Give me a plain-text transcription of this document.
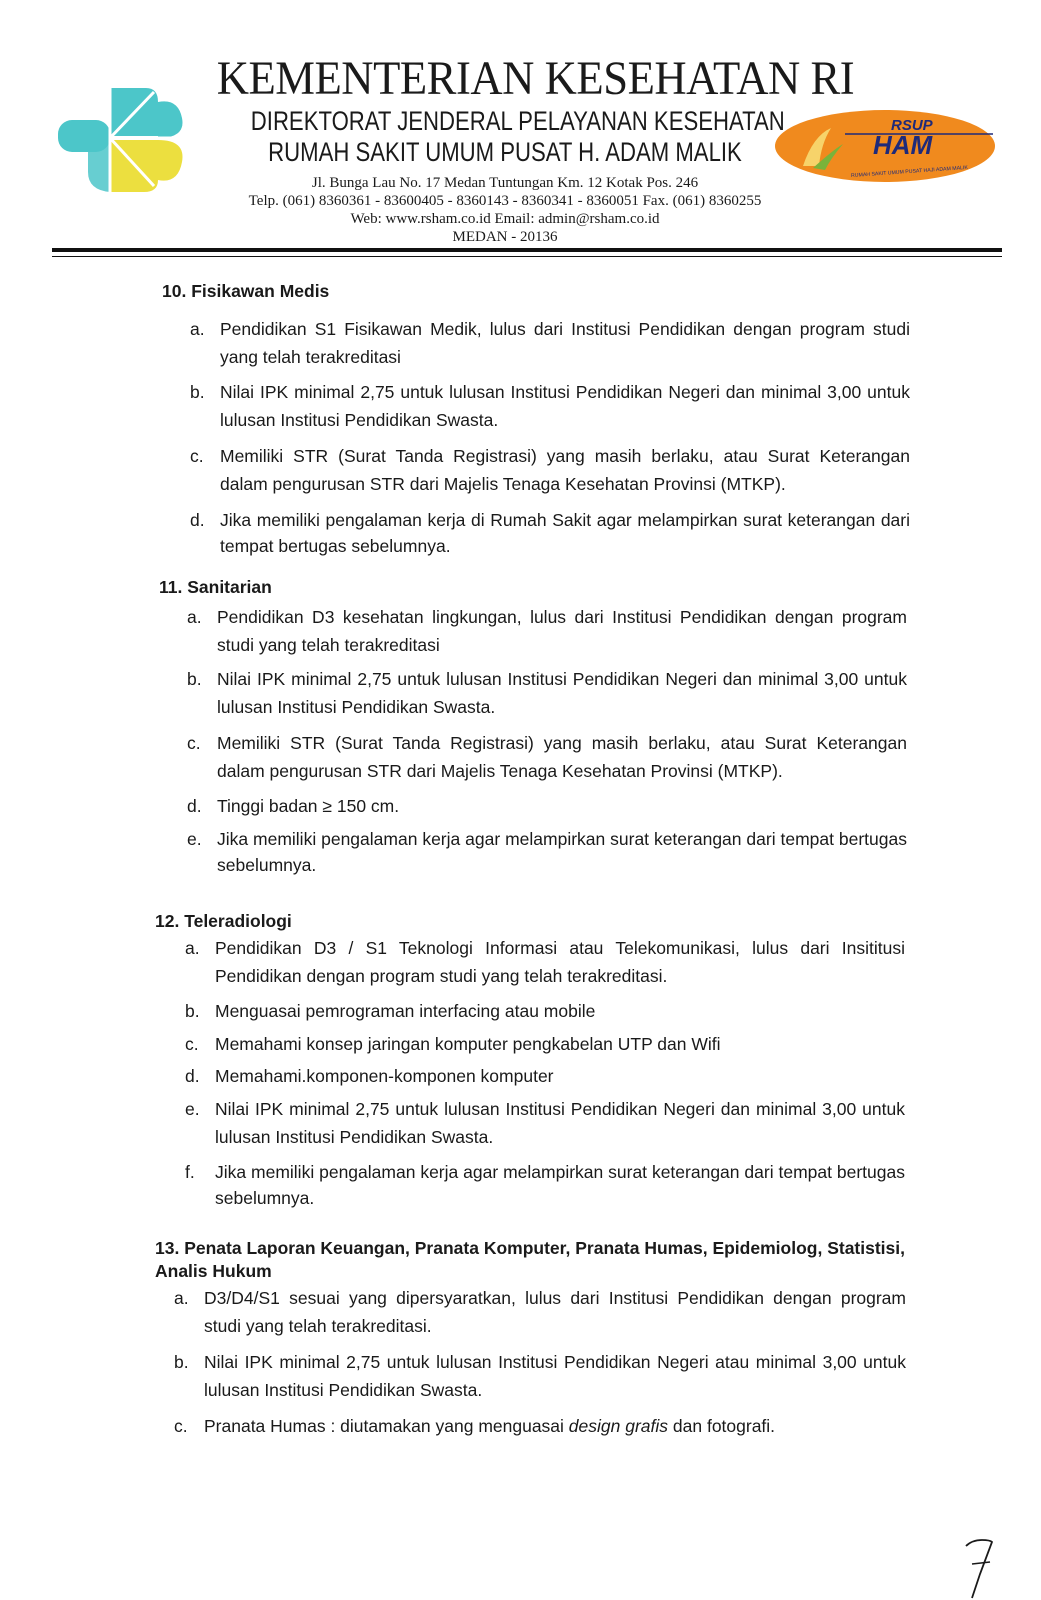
KEMENTERIAN KESEHATAN RI
DIREKTORAT JENDERAL PELAYANAN KESEHATAN
RUMAH SAKIT UMUM PUSAT H. ADAM MALIK
Jl. Bunga Lau No. 17 Medan Tuntungan Km. 12 Kotak Pos. 246
Telp. (061) 8360361 - 83600405 - 8360143 - 8360341 - 8360051 Fax. (061) 8360255
Web: www.rsham.co.id Email: admin@rsham.co.id
MEDAN - 20136
RSUP
HAM
RUMAH SAKIT UMUM PUSAT HAJI ADAM MALIK
10. Fisikawan Medis
a. Pendidikan S1 Fisikawan Medik, lulus dari Institusi Pendidikan dengan program studi yang telah terakreditasi
b. Nilai IPK minimal 2,75 untuk lulusan Institusi Pendidikan Negeri dan minimal 3,00 untuk lulusan Institusi Pendidikan Swasta.
c. Memiliki STR (Surat Tanda Registrasi) yang masih berlaku, atau Surat Keterangan dalam pengurusan STR dari Majelis Tenaga Kesehatan Provinsi (MTKP).
d. Jika memiliki pengalaman kerja di Rumah Sakit agar melampirkan surat keterangan dari tempat bertugas sebelumnya.
11. Sanitarian
a. Pendidikan D3 kesehatan lingkungan, lulus dari Institusi Pendidikan dengan program studi yang telah terakreditasi
b. Nilai IPK minimal 2,75 untuk lulusan Institusi Pendidikan Negeri dan minimal 3,00 untuk lulusan Institusi Pendidikan Swasta.
c. Memiliki STR (Surat Tanda Registrasi) yang masih berlaku, atau Surat Keterangan dalam pengurusan STR dari Majelis Tenaga Kesehatan Provinsi (MTKP).
d. Tinggi badan ≥ 150 cm.
e. Jika memiliki pengalaman kerja agar melampirkan surat keterangan dari tempat bertugas sebelumnya.
12. Teleradiologi
a. Pendidikan D3 / S1 Teknologi Informasi atau Telekomunikasi, lulus dari Insititusi Pendidikan dengan program studi yang telah terakreditasi.
b. Menguasai pemrograman interfacing atau mobile
c. Memahami konsep jaringan komputer pengkabelan UTP dan Wifi
d. Memahami.komponen-komponen komputer
e. Nilai IPK minimal 2,75 untuk lulusan Institusi Pendidikan Negeri dan minimal 3,00 untuk lulusan Institusi Pendidikan Swasta.
f. Jika memiliki pengalaman kerja agar melampirkan surat keterangan dari tempat bertugas sebelumnya.
13. Penata Laporan Keuangan, Pranata Komputer, Pranata Humas, Epidemiolog, Statistisi, Analis Hukum
a. D3/D4/S1 sesuai yang dipersyaratkan, lulus dari Institusi Pendidikan dengan program studi yang telah terakreditasi.
b. Nilai IPK minimal 2,75 untuk lulusan Institusi Pendidikan Negeri atau minimal 3,00 untuk lulusan Institusi Pendidikan Swasta.
c. Pranata Humas : diutamakan yang menguasai design grafis dan fotografi.
